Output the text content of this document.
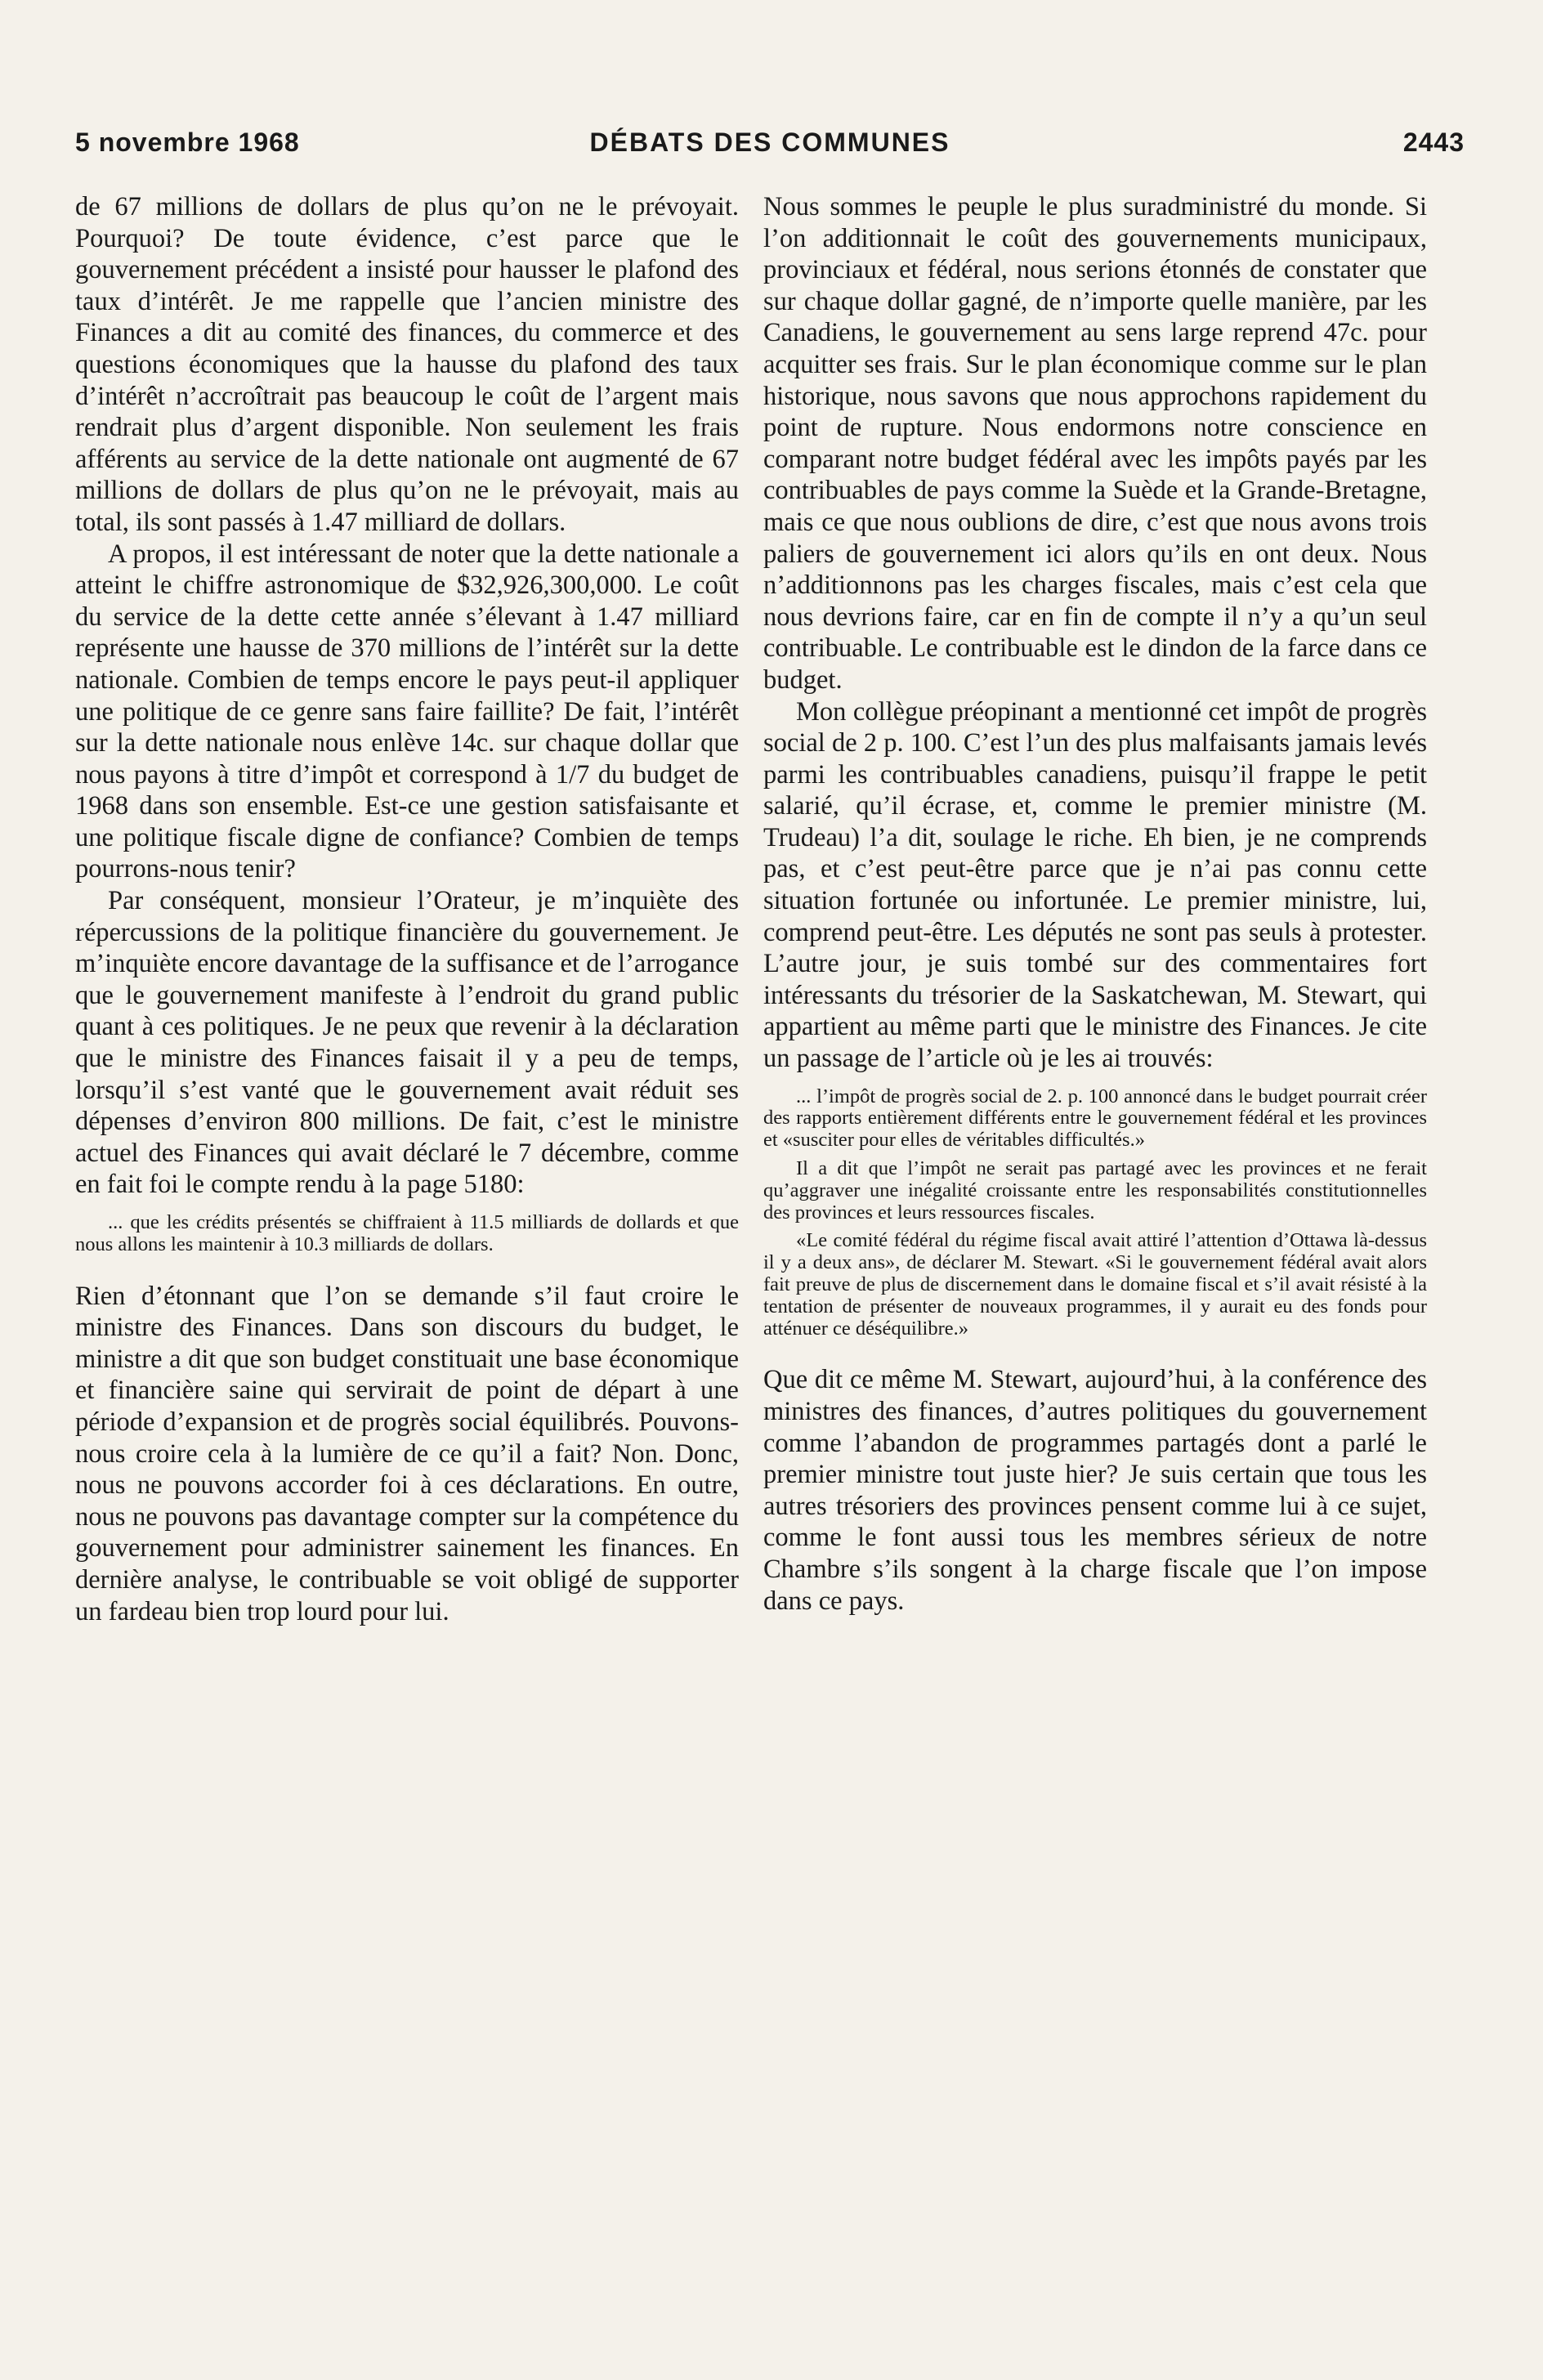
5 novembre 1968	DÉBATS DES COMMUNES	2443

de 67 millions de dollars de plus qu’on ne le prévoyait. Pourquoi? De toute évidence, c’est parce que le gouvernement précédent a insisté pour hausser le plafond des taux d’intérêt. Je me rappelle que l’ancien ministre des Finances a dit au comité des finances, du commerce et des questions économiques que la hausse du plafond des taux d’intérêt n’accroîtrait pas beaucoup le coût de l’argent mais rendrait plus d’argent disponible. Non seulement les frais afférents au service de la dette nationale ont augmenté de 67 millions de dollars de plus qu’on ne le prévoyait, mais au total, ils sont passés à 1.47 milliard de dollars.

A propos, il est intéressant de noter que la dette nationale a atteint le chiffre astronomique de $32,926,300,000. Le coût du service de la dette cette année s’élevant à 1.47 milliard représente une hausse de 370 millions de l’intérêt sur la dette nationale. Combien de temps encore le pays peut-il appliquer une politique de ce genre sans faire faillite? De fait, l’intérêt sur la dette nationale nous enlève 14c. sur chaque dollar que nous payons à titre d’impôt et correspond à 1/7 du budget de 1968 dans son ensemble. Est-ce une gestion satisfaisante et une politique fiscale digne de confiance? Combien de temps pourrons-nous tenir?

Par conséquent, monsieur l’Orateur, je m’inquiète des répercussions de la politique financière du gouvernement. Je m’inquiète encore davantage de la suffisance et de l’arrogance que le gouvernement manifeste à l’endroit du grand public quant à ces politiques. Je ne peux que revenir à la déclaration que le ministre des Finances faisait il y a peu de temps, lorsqu’il s’est vanté que le gouvernement avait réduit ses dépenses d’environ 800 millions. De fait, c’est le ministre actuel des Finances qui avait déclaré le 7 décembre, comme en fait foi le compte rendu à la page 5180:

... que les crédits présentés se chiffraient à 11.5 milliards de dollards et que nous allons les maintenir à 10.3 milliards de dollars.

Rien d’étonnant que l’on se demande s’il faut croire le ministre des Finances. Dans son discours du budget, le ministre a dit que son budget constituait une base économique et financière saine qui servirait de point de départ à une période d’expansion et de progrès social équilibrés. Pouvons-nous croire cela à la lumière de ce qu’il a fait? Non. Donc, nous ne pouvons accorder foi à ces déclarations. En outre, nous ne pouvons pas davantage compter sur la compétence du gouvernement pour administrer sainement les finances. En dernière analyse, le contribuable se voit obligé de supporter un fardeau bien trop lourd pour lui.

Nous sommes le peuple le plus suradministré du monde. Si l’on additionnait le coût des gouvernements municipaux, provinciaux et fédéral, nous serions étonnés de constater que sur chaque dollar gagné, de n’importe quelle manière, par les Canadiens, le gouvernement au sens large reprend 47c. pour acquitter ses frais. Sur le plan économique comme sur le plan historique, nous savons que nous approchons rapidement du point de rupture. Nous endormons notre conscience en comparant notre budget fédéral avec les impôts payés par les contribuables de pays comme la Suède et la Grande-Bretagne, mais ce que nous oublions de dire, c’est que nous avons trois paliers de gouvernement ici alors qu’ils en ont deux. Nous n’additionnons pas les charges fiscales, mais c’est cela que nous devrions faire, car en fin de compte il n’y a qu’un seul contribuable. Le contribuable est le dindon de la farce dans ce budget.

Mon collègue préopinant a mentionné cet impôt de progrès social de 2 p. 100. C’est l’un des plus malfaisants jamais levés parmi les contribuables canadiens, puisqu’il frappe le petit salarié, qu’il écrase, et, comme le premier ministre (M. Trudeau) l’a dit, soulage le riche. Eh bien, je ne comprends pas, et c’est peut-être parce que je n’ai pas connu cette situation fortunée ou infortunée. Le premier ministre, lui, comprend peut-être. Les députés ne sont pas seuls à protester. L’autre jour, je suis tombé sur des commentaires fort intéressants du trésorier de la Saskatchewan, M. Stewart, qui appartient au même parti que le ministre des Finances. Je cite un passage de l’article où je les ai trouvés:

... l’impôt de progrès social de 2. p. 100 annoncé dans le budget pourrait créer des rapports entièrement différents entre le gouvernement fédéral et les provinces et «susciter pour elles de véritables difficultés.»

Il a dit que l’impôt ne serait pas partagé avec les provinces et ne ferait qu’aggraver une inégalité croissante entre les responsabilités constitutionnelles des provinces et leurs ressources fiscales.

«Le comité fédéral du régime fiscal avait attiré l’attention d’Ottawa là-dessus il y a deux ans», de déclarer M. Stewart. «Si le gouvernement fédéral avait alors fait preuve de plus de discernement dans le domaine fiscal et s’il avait résisté à la tentation de présenter de nouveaux programmes, il y aurait eu des fonds pour atténuer ce déséquilibre.»

Que dit ce même M. Stewart, aujourd’hui, à la conférence des ministres des finances, d’autres politiques du gouvernement comme l’abandon de programmes partagés dont a parlé le premier ministre tout juste hier? Je suis certain que tous les autres trésoriers des provinces pensent comme lui à ce sujet, comme le font aussi tous les membres sérieux de notre Chambre s’ils songent à la charge fiscale que l’on impose dans ce pays.
